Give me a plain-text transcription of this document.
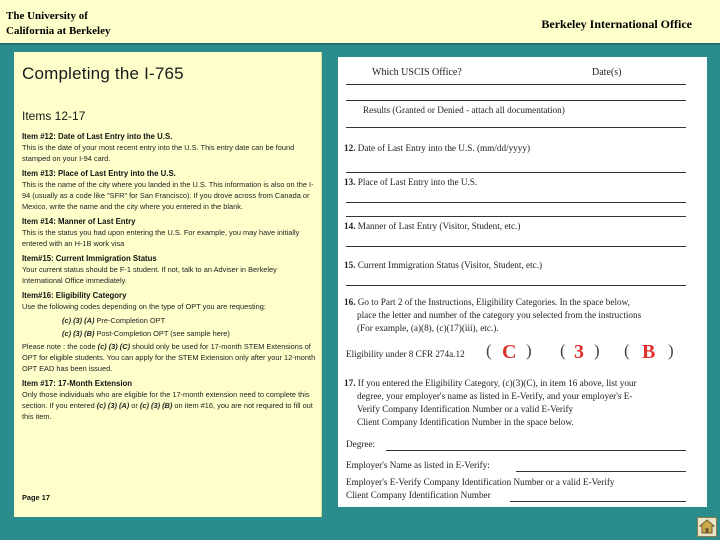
The University of
California at Berkeley	Berkeley International Office
Completing the I-765
Items 12-17
Item #12: Date of Last Entry into the U.S.
This is the date of your most recent entry into the U.S. This entry date can be found stamped on your I-94 card.
Item #13: Place of Last Entry into the U.S.
This is the name of the city where you landed in the U.S. This information is also on the I-94 (usually as a code like "SFR" for San Francisco). If you drove across from Canada or Mexico, write the name and the city where you entered in the blank.
Item #14: Manner of Last Entry
This is the status you had upon entering the U.S. For example, you may have initially entered with an H-1B work visa
Item#15: Current Immigration Status
Your current status should be F-1 student. If not, talk to an Adviser in Berkeley International Office immediately.
Item#16: Eligibility Category
Use the following codes depending on the type of OPT you are requesting:
(c) (3) (A) Pre-Completion OPT
(c) (3) (B) Post-Completion OPT (see sample here)
Please note : the code (c) (3) (C) should only be used for 17-month STEM Extensions of OPT for eligible students. You can apply for the STEM Extension only after your 12-month OPT EAD has been issued.
Item #17: 17-Month Extension
Only those individuals who are eligible for the 17-month extension need to complete this section. If you entered (c) (3) (A) or (c) (3) (B) on item #16, you are not required to fill out this item.
Page 17
Which USCIS Office?	Date(s)
Results (Granted or Denied - attach all documentation)
12. Date of Last Entry into the U.S. (mm/dd/yyyy)
13. Place of Last Entry into the U.S.
14. Manner of Last Entry (Visitor, Student, etc.)
15. Current Immigration Status (Visitor, Student, etc.)
16. Go to Part 2 of the Instructions, Eligibility Categories. In the space below,
place the letter and number of the category you selected from the instructions
(For example, (a)(8), (c)(17)(iii), etc.).
Eligibility under 8 CFR 274a.12 ( C ) ( 3 ) ( B )
17. If you entered the Eligibility Category, (c)(3)(C), in item 16 above, list your
degree, your employer's name as listed in E-Verify, and your employer's E-
Verify Company Identification Number or a valid E-Verify
Client Company Identification Number in the space below.
Degree:
Employer's Name as listed in E-Verify:
Employer's E-Verify Company Identification Number or a valid E-Verify
Client Company Identification Number
